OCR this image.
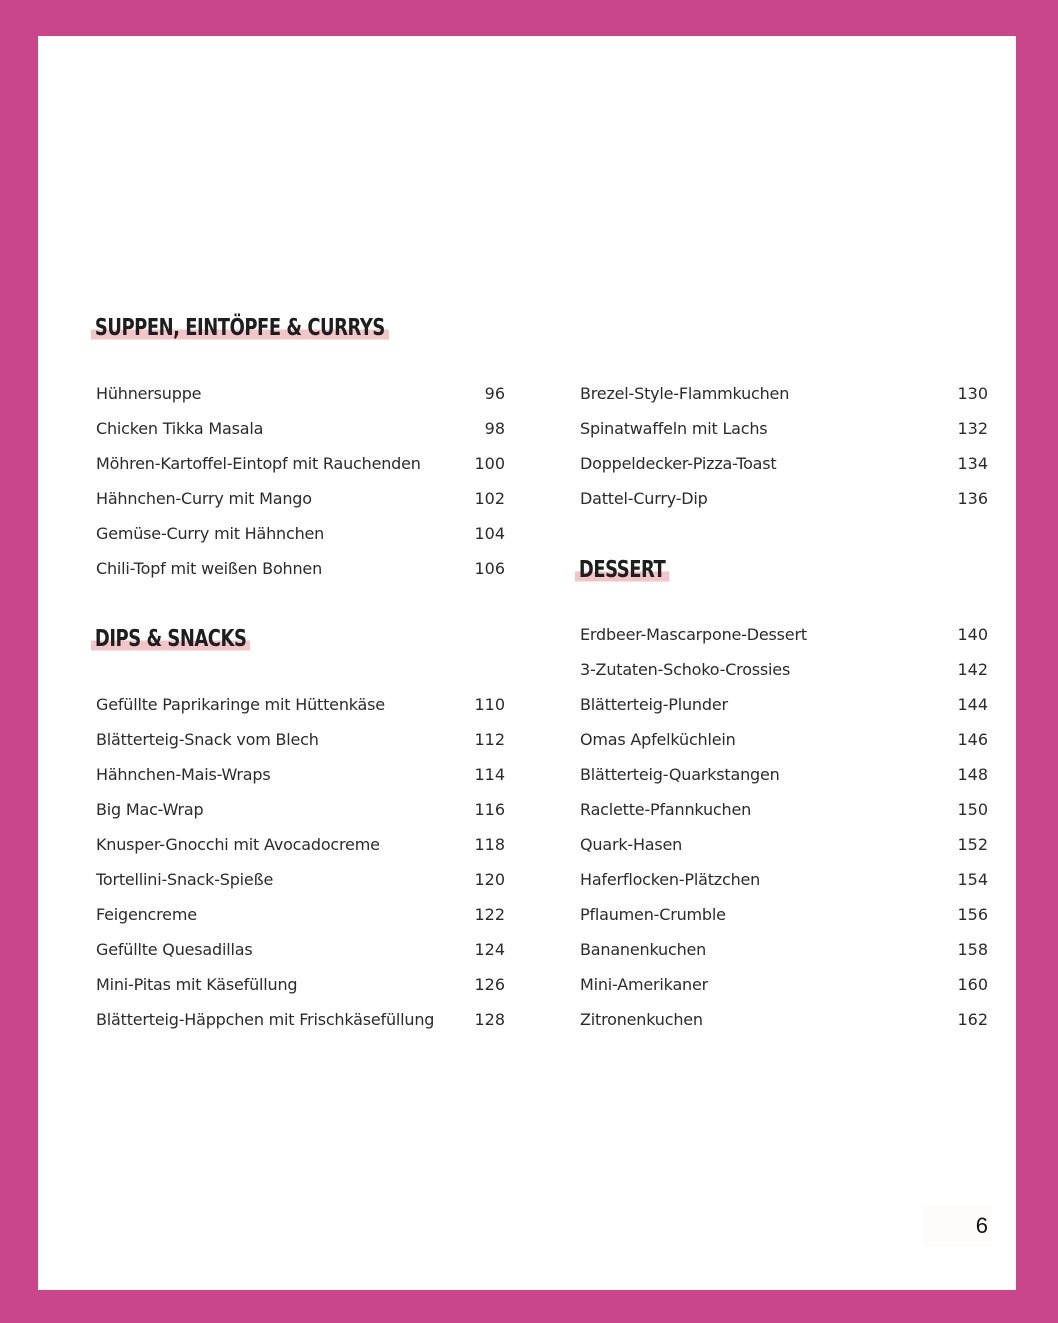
SUPPEN, EINTÖPFE & CURRYS
Hühnersuppe	96
Chicken Tikka Masala	98
Möhren-Kartoffel-Eintopf mit Rauchenden	100
Hähnchen-Curry mit Mango	102
Gemüse-Curry mit Hähnchen	104
Chili-Topf mit weißen Bohnen	106
DIPS & SNACKS
Gefüllte Paprikaringe mit Hüttenkäse	110
Blätterteig-Snack vom Blech	112
Hähnchen-Mais-Wraps	114
Big Mac-Wrap	116
Knusper-Gnocchi mit Avocadocreme	118
Tortellini-Snack-Spieße	120
Feigencreme	122
Gefüllte Quesadillas	124
Mini-Pitas mit Käsefüllung	126
Blätterteig-Häppchen mit Frischkäsefüllung	128
Brezel-Style-Flammkuchen	130
Spinatwaffeln mit Lachs	132
Doppeldecker-Pizza-Toast	134
Dattel-Curry-Dip	136
DESSERT
Erdbeer-Mascarpone-Dessert	140
3-Zutaten-Schoko-Crossies	142
Blätterteig-Plunder	144
Omas Apfelküchlein	146
Blätterteig-Quarkstangen	148
Raclette-Pfannkuchen	150
Quark-Hasen	152
Haferflocken-Plätzchen	154
Pflaumen-Crumble	156
Bananenkuchen	158
Mini-Amerikaner	160
Zitronenkuchen	162
6
